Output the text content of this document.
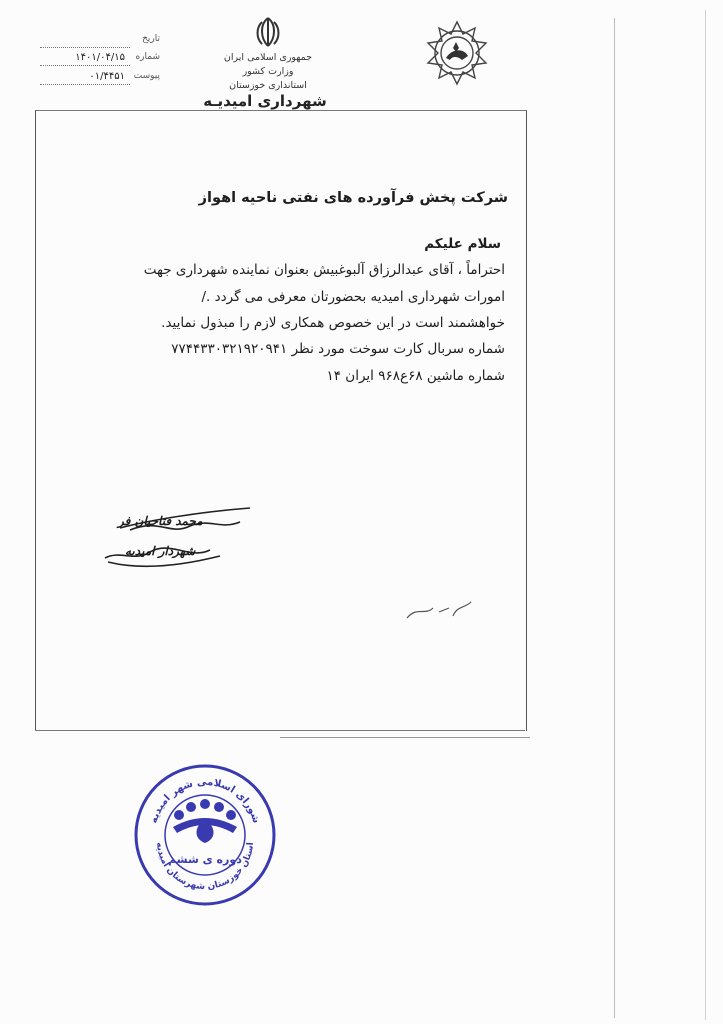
تاریخ
شماره
۱۴۰۱/۰۴/۱۵
پیوست
۰۱/۴۴۵۱
جمهوری اسلامی ایران
وزارت کشور
استانداری خوزستان
شهرداری امیدیـه
شرکت پخش فرآورده های نفتی ناحیه اهواز
سلام علیکم
احتراماً ، آقای عبدالرزاق آلبوغبیش بعنوان نماینده شهرداری جهت
امورات شهرداری امیدیه بحضورتان معرفی می گردد ./
خواهشمند است در این خصوص همکاری لازم را مبذول نمایید.
شماره سربال کارت سوخت مورد نظر ۷۷۴۴۳۳۰۳۲۱۹۲۰۹۴۱
شماره ماشین ۶۸ع۹۶۸ ایران ۱۴
محمد فتاحیان فر
شهردار امیدیه
شورای اسلامی شهر امیدیه
دوره ی ششم
استان خوزستان شهرستان امیدیه
